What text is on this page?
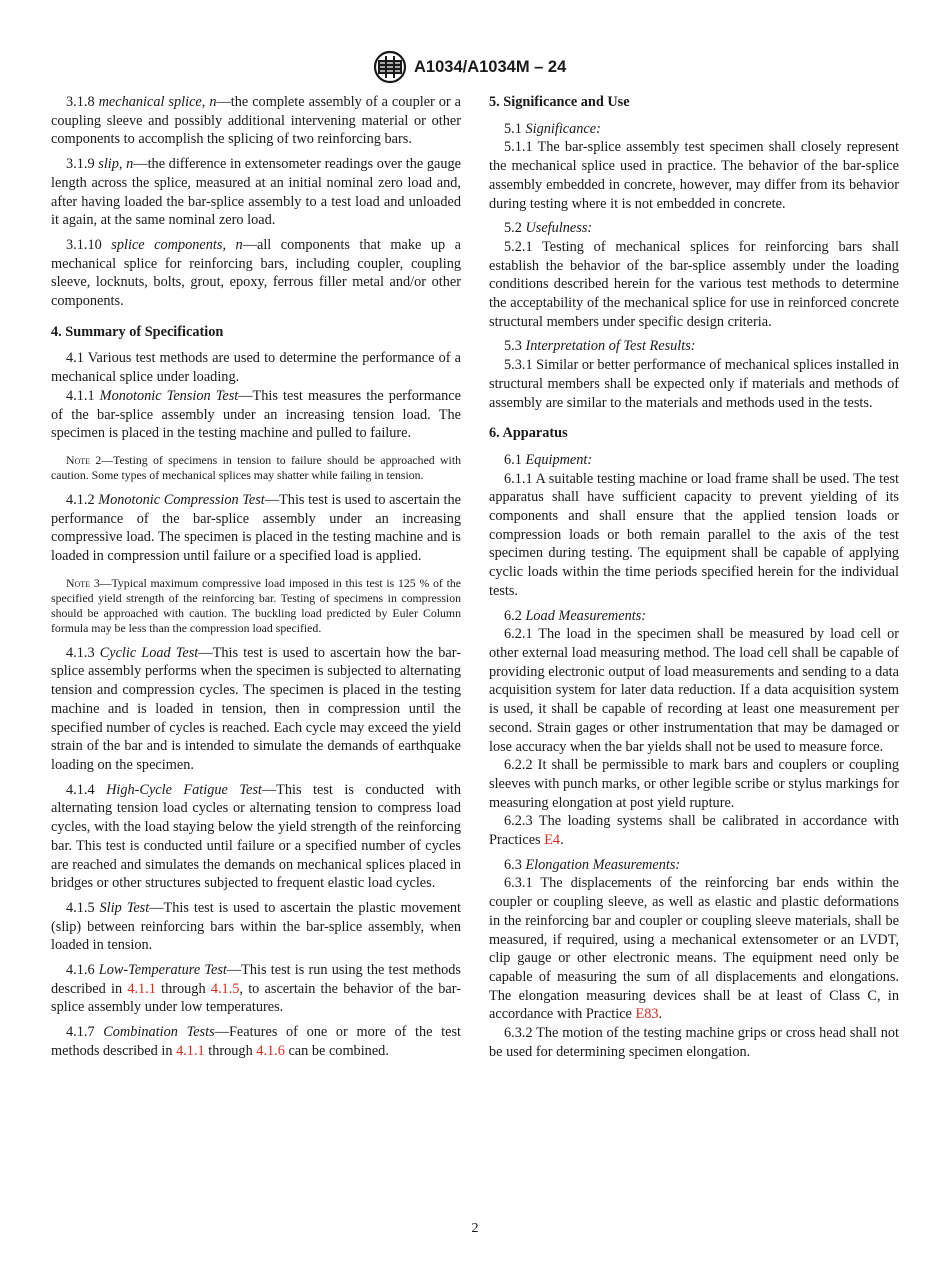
A1034/A1034M – 24

3.1.8 mechanical splice, n—the complete assembly of a coupler or a coupling sleeve and possibly additional intervening material or other components to accomplish the splicing of two reinforcing bars.

3.1.9 slip, n—the difference in extensometer readings over the gauge length across the splice, measured at an initial nominal zero load and, after having loaded the bar-splice assembly to a test load and unloaded it again, at the same nominal zero load.

3.1.10 splice components, n—all components that make up a mechanical splice for reinforcing bars, including coupler, coupling sleeve, locknuts, bolts, grout, epoxy, ferrous filler metal and/or other components.

4. Summary of Specification

4.1 Various test methods are used to determine the performance of a mechanical splice under loading.

4.1.1 Monotonic Tension Test—This test measures the performance of the bar-splice assembly under an increasing tension load. The specimen is placed in the testing machine and pulled to failure.

Note 2—Testing of specimens in tension to failure should be approached with caution. Some types of mechanical splices may shatter while failing in tension.

4.1.2 Monotonic Compression Test—This test is used to ascertain the performance of the bar-splice assembly under an increasing compressive load. The specimen is placed in the testing machine and is loaded in compression until failure or a specified load is applied.

Note 3—Typical maximum compressive load imposed in this test is 125 % of the specified yield strength of the reinforcing bar. Testing of specimens in compression should be approached with caution. The buckling load predicted by Euler Column formula may be less than the compression load specified.

4.1.3 Cyclic Load Test—This test is used to ascertain how the bar-splice assembly performs when the specimen is subjected to alternating tension and compression cycles. The specimen is placed in the testing machine and is loaded in tension, then in compression until the specified number of cycles is reached. Each cycle may exceed the yield strain of the bar and is intended to simulate the demands of earthquake loading on the specimen.

4.1.4 High-Cycle Fatigue Test—This test is conducted with alternating tension load cycles or alternating tension to compress load cycles, with the load staying below the yield strength of the reinforcing bar. This test is conducted until failure or a specified number of cycles are reached and simulates the demands on mechanical splices placed in bridges or other structures subjected to frequent elastic load cycles.

4.1.5 Slip Test—This test is used to ascertain the plastic movement (slip) between reinforcing bars within the bar-splice assembly, when loaded in tension.

4.1.6 Low-Temperature Test—This test is run using the test methods described in 4.1.1 through 4.1.5, to ascertain the behavior of the bar-splice assembly under low temperatures.

4.1.7 Combination Tests—Features of one or more of the test methods described in 4.1.1 through 4.1.6 can be combined.

5. Significance and Use

5.1 Significance:

5.1.1 The bar-splice assembly test specimen shall closely represent the mechanical splice used in practice. The behavior of the bar-splice assembly embedded in concrete, however, may differ from its behavior during testing where it is not embedded in concrete.

5.2 Usefulness:

5.2.1 Testing of mechanical splices for reinforcing bars shall establish the behavior of the bar-splice assembly under the loading conditions described herein for the various test methods to determine the acceptability of the mechanical splice for use in reinforced concrete structural members under specific design criteria.

5.3 Interpretation of Test Results:

5.3.1 Similar or better performance of mechanical splices installed in structural members shall be expected only if materials and methods of assembly are similar to the materials and methods used in the tests.

6. Apparatus

6.1 Equipment:

6.1.1 A suitable testing machine or load frame shall be used. The test apparatus shall have sufficient capacity to prevent yielding of its components and shall ensure that the applied tension loads or compression loads or both remain parallel to the axis of the test specimen during testing. The equipment shall be capable of applying cyclic loads within the time periods specified herein for the individual tests.

6.2 Load Measurements:

6.2.1 The load in the specimen shall be measured by load cell or other external load measuring method. The load cell shall be capable of providing electronic output of load measurements and sending to a data acquisition system for later data reduction. If a data acquisition system is used, it shall be capable of recording at least one measurement per second. Strain gages or other instrumentation that may be damaged or lose accuracy when the bar yields shall not be used to measure force.

6.2.2 It shall be permissible to mark bars and couplers or coupling sleeves with punch marks, or other legible scribe or stylus markings for measuring elongation at post yield rupture.

6.2.3 The loading systems shall be calibrated in accordance with Practices E4.

6.3 Elongation Measurements:

6.3.1 The displacements of the reinforcing bar ends within the coupler or coupling sleeve, as well as elastic and plastic deformations in the reinforcing bar and coupler or coupling sleeve materials, shall be measured, if required, using a mechanical extensometer or an LVDT, clip gauge or other electronic means. The equipment need only be capable of measuring the sum of all displacements and elongations. The elongation measuring devices shall be at least of Class C, in accordance with Practice E83.

6.3.2 The motion of the testing machine grips or cross head shall not be used for determining specimen elongation.

2
